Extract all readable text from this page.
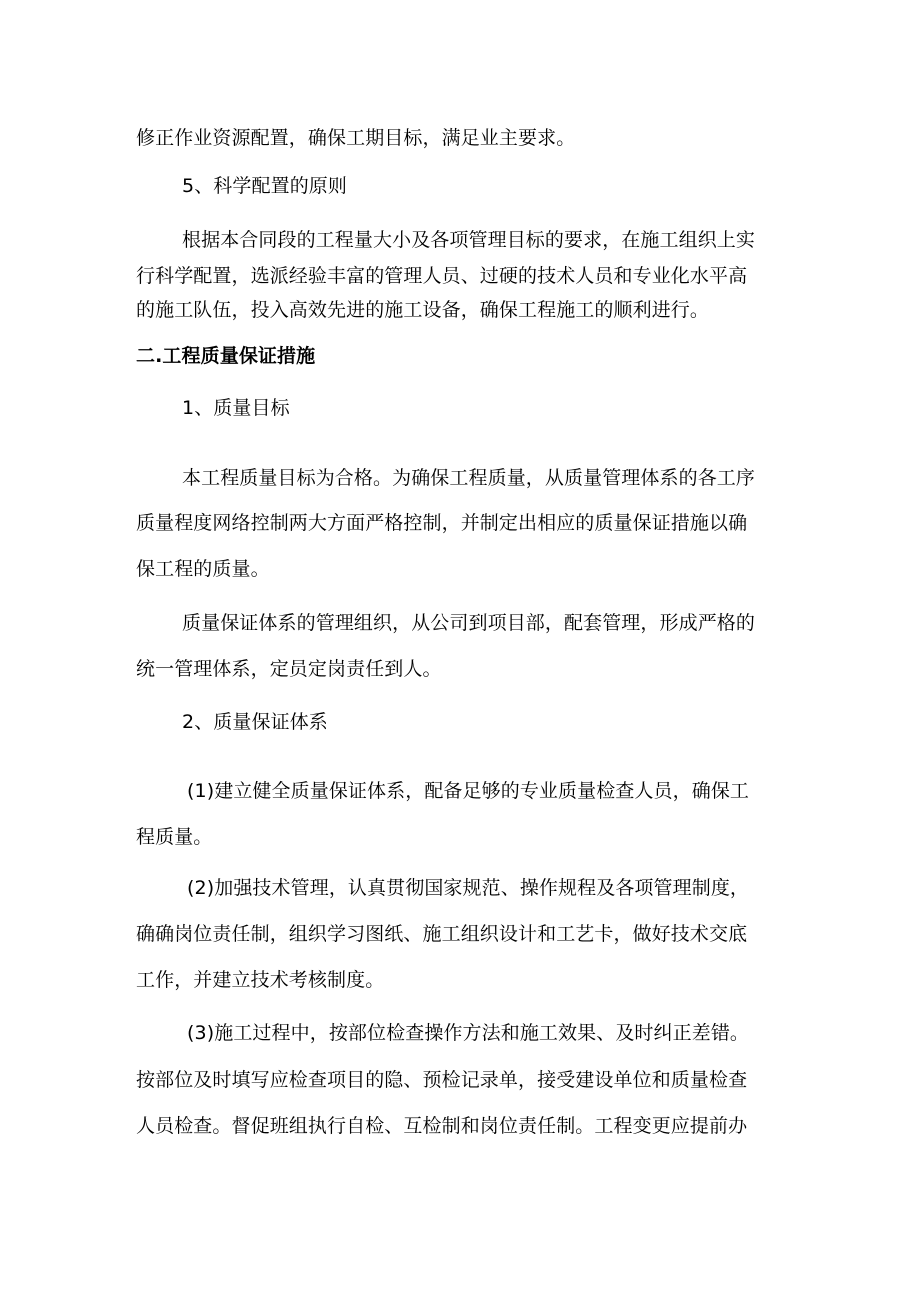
修正作业资源配置，确保工期目标，满足业主要求。
5、科学配置的原则
根据本合同段的工程量大小及各项管理目标的要求，在施工组织上实
行科学配置，选派经验丰富的管理人员、过硬的技术人员和专业化水平高
的施工队伍，投入高效先进的施工设备，确保工程施工的顺利进行。
二.工程质量保证措施
1、质量目标
本工程质量目标为合格。为确保工程质量，从质量管理体系的各工序
质量程度网络控制两大方面严格控制，并制定出相应的质量保证措施以确
保工程的质量。
质量保证体系的管理组织，从公司到项目部，配套管理，形成严格的
统一管理体系，定员定岗责任到人。
2、质量保证体系
(1)建立健全质量保证体系，配备足够的专业质量检查人员，确保工
程质量。
(2)加强技术管理，认真贯彻国家规范、操作规程及各项管理制度，
确确岗位责任制，组织学习图纸、施工组织设计和工艺卡，做好技术交底
工作，并建立技术考核制度。
(3)施工过程中，按部位检查操作方法和施工效果、及时纠正差错。
按部位及时填写应检查项目的隐、预检记录单，接受建设单位和质量检查
人员检查。督促班组执行自检、互检制和岗位责任制。工程变更应提前办
